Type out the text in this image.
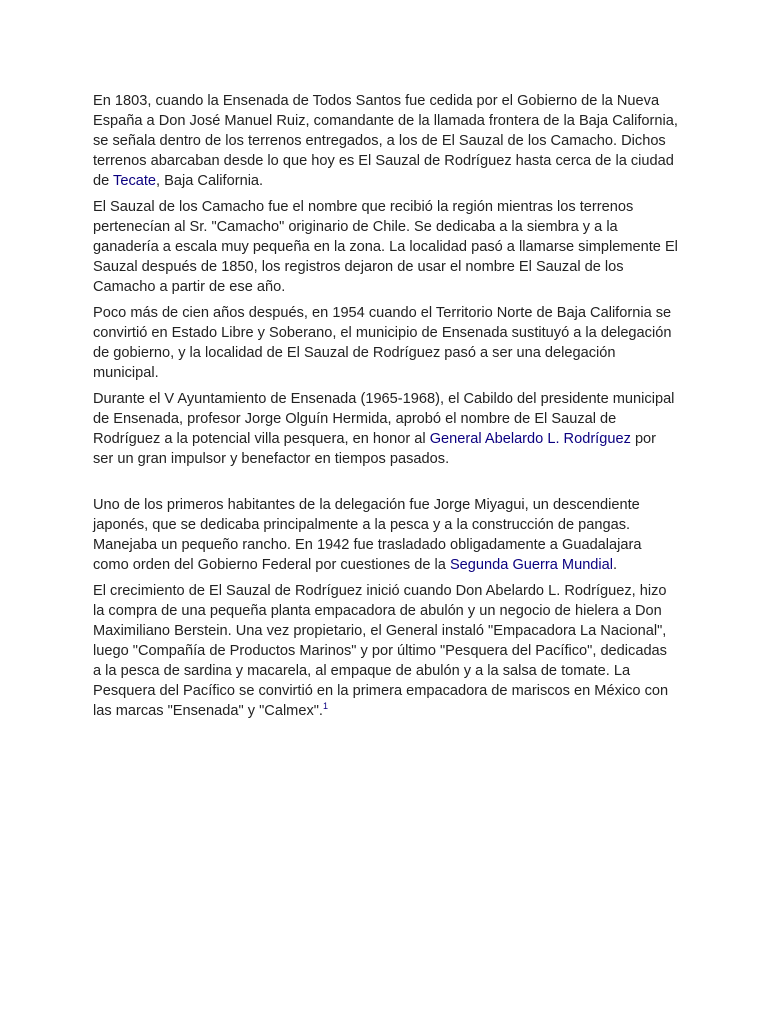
En 1803, cuando la Ensenada de Todos Santos fue cedida por el Gobierno de la Nueva España a Don José Manuel Ruiz, comandante de la llamada frontera de la Baja California, se señala dentro de los terrenos entregados, a los de El Sauzal de los Camacho. Dichos terrenos abarcaban desde lo que hoy es El Sauzal de Rodríguez hasta cerca de la ciudad de Tecate, Baja California.

El Sauzal de los Camacho fue el nombre que recibió la región mientras los terrenos pertenecían al Sr. "Camacho" originario de Chile. Se dedicaba a la siembra y a la ganadería a escala muy pequeña en la zona. La localidad pasó a llamarse simplemente El Sauzal después de 1850, los registros dejaron de usar el nombre El Sauzal de los Camacho a partir de ese año.

Poco más de cien años después, en 1954 cuando el Territorio Norte de Baja California se convirtió en Estado Libre y Soberano, el municipio de Ensenada sustituyó a la delegación de gobierno, y la localidad de El Sauzal de Rodríguez pasó a ser una delegación municipal.

Durante el V Ayuntamiento de Ensenada (1965-1968), el Cabildo del presidente municipal de Ensenada, profesor Jorge Olguín Hermida, aprobó el nombre de El Sauzal de Rodríguez a la potencial villa pesquera, en honor al General Abelardo L. Rodríguez por ser un gran impulsor y benefactor en tiempos pasados.

Uno de los primeros habitantes de la delegación fue Jorge Miyagui, un descendiente japonés, que se dedicaba principalmente a la pesca y a la construcción de pangas. Manejaba un pequeño rancho. En 1942 fue trasladado obligadamente a Guadalajara como orden del Gobierno Federal por cuestiones de la Segunda Guerra Mundial.

El crecimiento de El Sauzal de Rodríguez inició cuando Don Abelardo L. Rodríguez, hizo la compra de una pequeña planta empacadora de abulón y un negocio de hielera a Don Maximiliano Berstein. Una vez propietario, el General instaló "Empacadora La Nacional", luego "Compañía de Productos Marinos" y por último "Pesquera del Pacífico", dedicadas a la pesca de sardina y macarela, al empaque de abulón y a la salsa de tomate. La Pesquera del Pacífico se convirtió en la primera empacadora de mariscos en México con las marcas "Ensenada" y "Calmex".$^1$
